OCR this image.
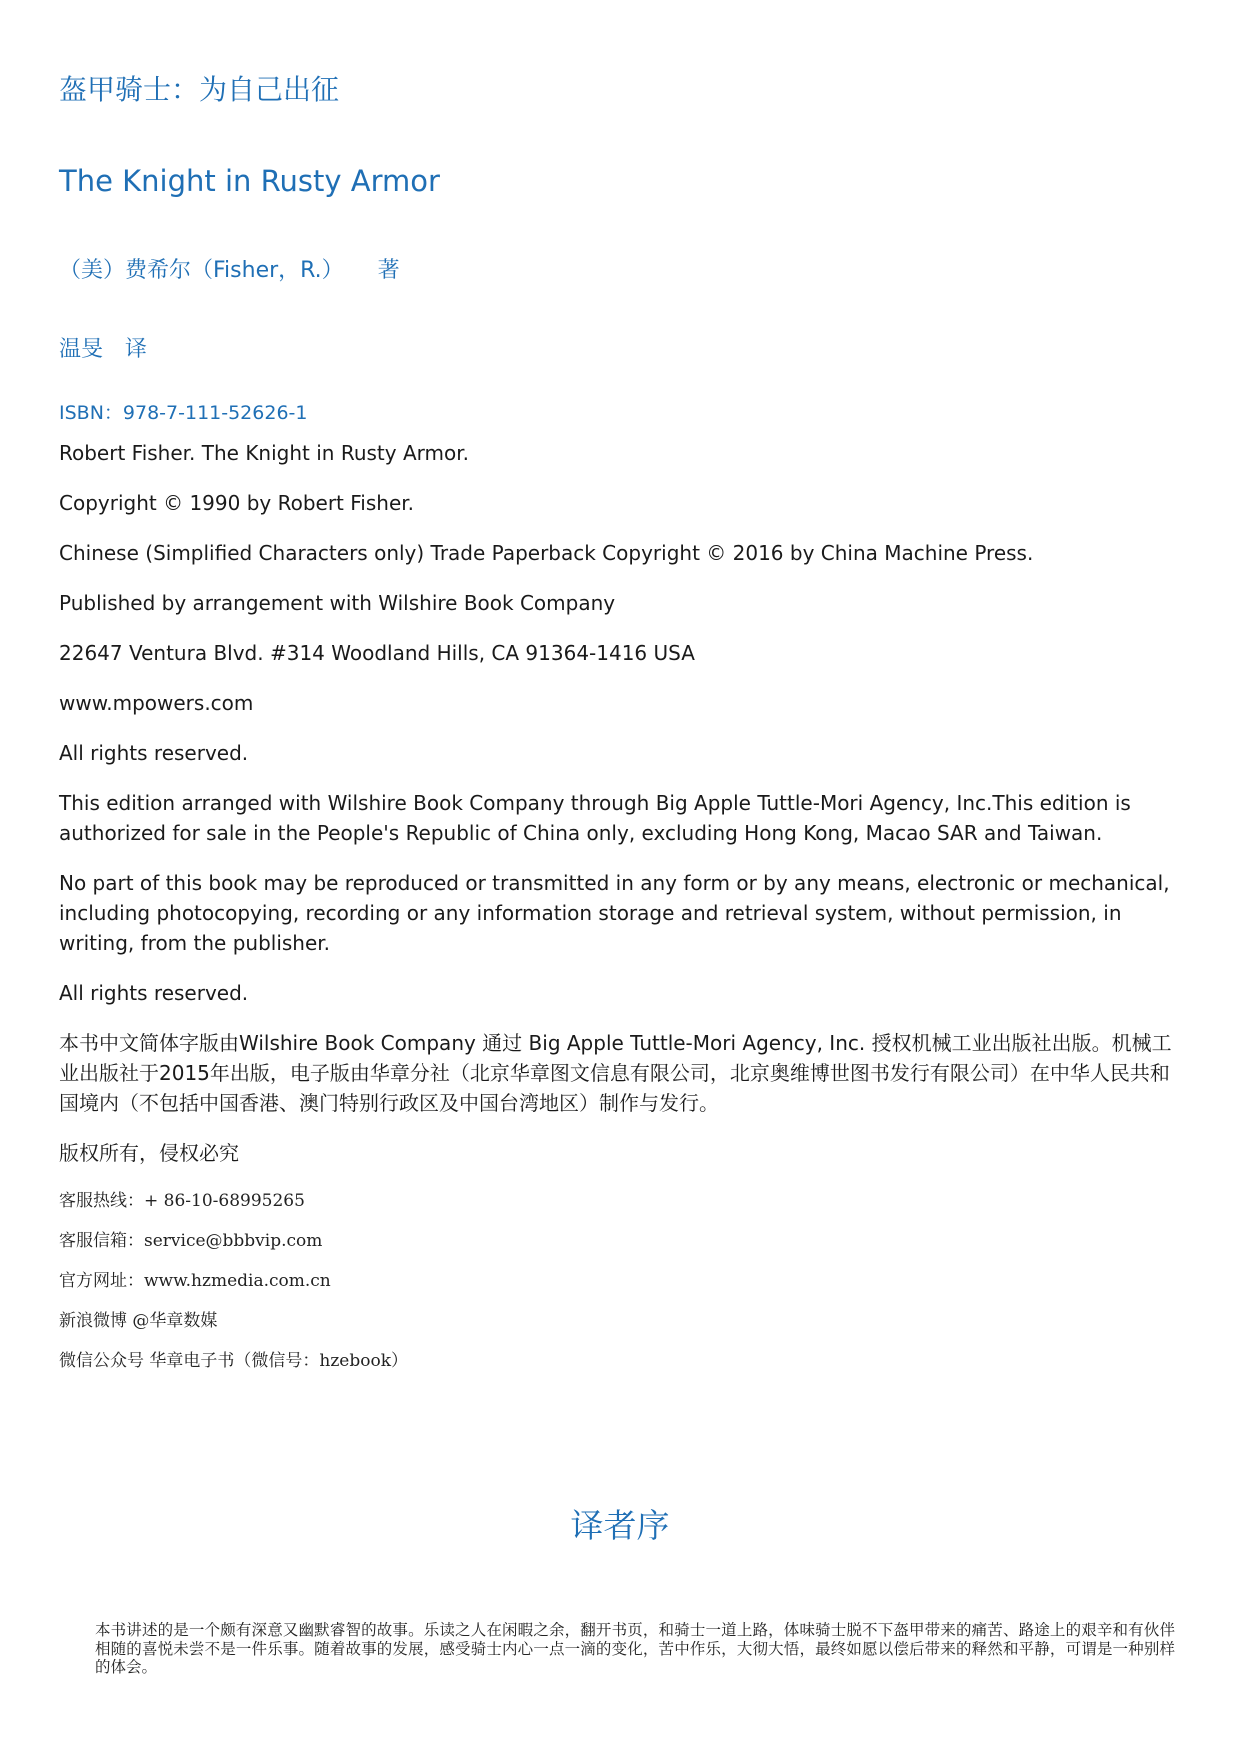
盔甲骑士：为自己出征
The Knight in Rusty Armor
（美）费希尔（Fisher，R.） 著
温旻 译
ISBN：978-7-111-52626-1
Robert Fisher. The Knight in Rusty Armor.
Copyright © 1990 by Robert Fisher.
Chinese (Simplified Characters only) Trade Paperback Copyright © 2016 by China Machine Press.
Published by arrangement with Wilshire Book Company
22647 Ventura Blvd. #314 Woodland Hills, CA 91364-1416 USA
www.mpowers.com
All rights reserved.
This edition arranged with Wilshire Book Company through Big Apple Tuttle-Mori Agency, Inc.This edition is authorized for sale in the People's Republic of China only, excluding Hong Kong, Macao SAR and Taiwan.
No part of this book may be reproduced or transmitted in any form or by any means, electronic or mechanical, including photocopying, recording or any information storage and retrieval system, without permission, in writing, from the publisher.
All rights reserved.
本书中文简体字版由Wilshire Book Company 通过 Big Apple Tuttle-Mori Agency, Inc. 授权机械工业出版社出版。机械工业出版社于2015年出版，电子版由华章分社（北京华章图文信息有限公司，北京奥维博世图书发行有限公司）在中华人民共和国境内（不包括中国香港、澳门特别行政区及中国台湾地区）制作与发行。
版权所有，侵权必究
客服热线：+ 86-10-68995265
客服信箱：service@bbbvip.com
官方网址：www.hzmedia.com.cn
新浪微博 @华章数媒
微信公众号 华章电子书（微信号：hzebook）
译者序
本书讲述的是一个颇有深意又幽默睿智的故事。乐读之人在闲暇之余，翻开书页，和骑士一道上路，体味骑士脱不下盔甲带来的痛苦、路途上的艰辛和有伙伴相随的喜悦未尝不是一件乐事。随着故事的发展，感受骑士内心一点一滴的变化，苦中作乐，大彻大悟，最终如愿以偿后带来的释然和平静，可谓是一种别样的体会。
